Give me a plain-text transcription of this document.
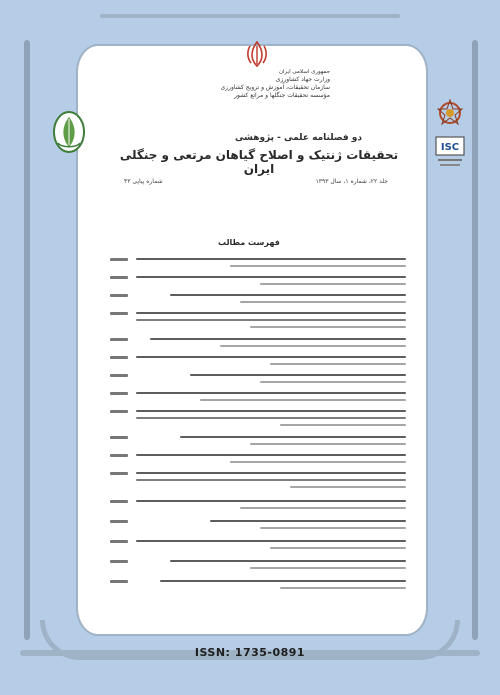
جمهوری اسلامی ایران
وزارت جهاد کشاورزی
سازمان تحقیقات، آموزش و ترویج کشاورزی
مؤسسه تحقیقات جنگلها و مراتع کشور
ISC
دو فصلنامه علمی - پژوهشی
تحقیقات ژنتیک و اصلاح گیاهان مرتعی و جنگلی ایران
جلد ۲۲، شماره ۱، سال ۱۳۹۳
شماره پیاپی ۴۳
فهرست مطالب
ISSN: 1735-0891
